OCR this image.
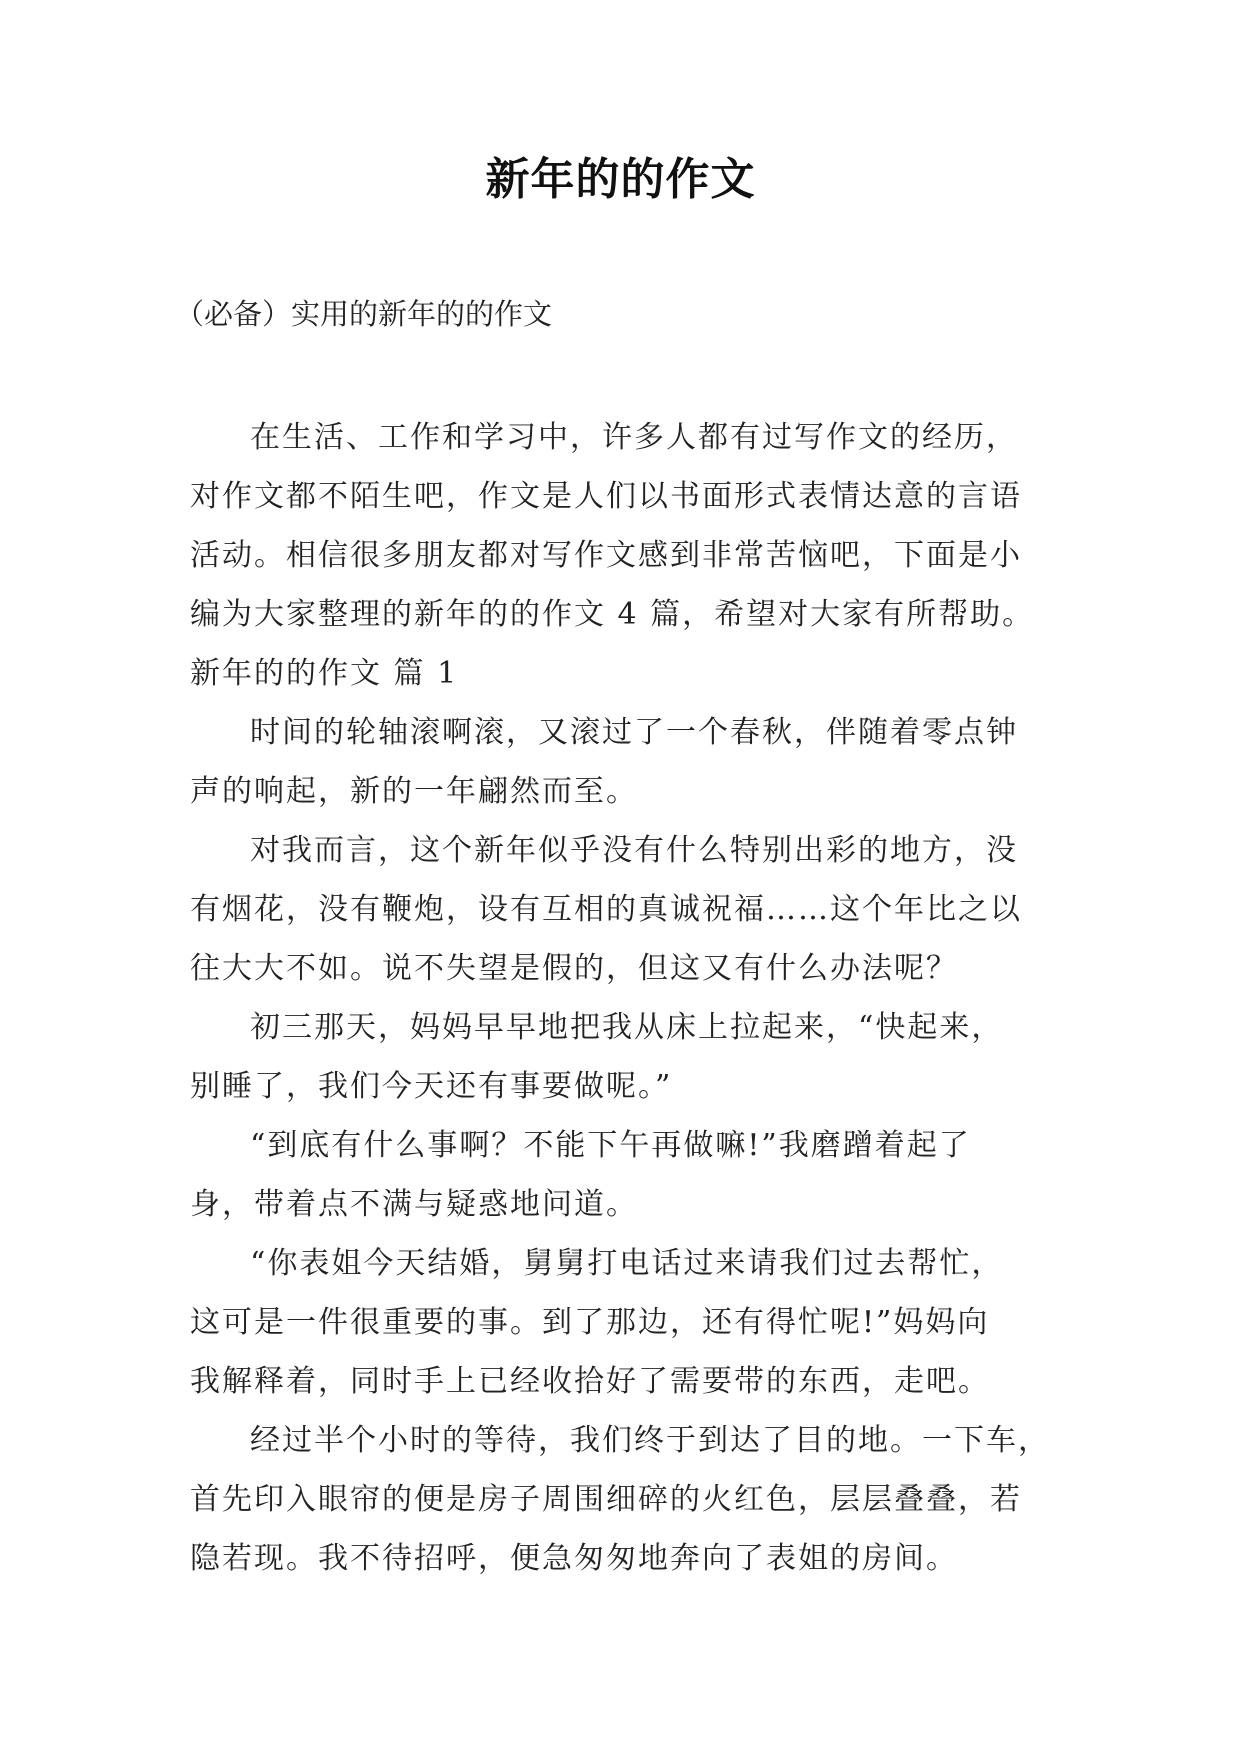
新年的的作文
（必备）实用的新年的的作文

在生活、工作和学习中，许多人都有过写作文的经历，
对作文都不陌生吧，作文是人们以书面形式表情达意的言语
活动。相信很多朋友都对写作文感到非常苦恼吧，下面是小
编为大家整理的新年的的作文 4 篇，希望对大家有所帮助。

新年的的作文 篇 1

时间的轮轴滚啊滚，又滚过了一个春秋，伴随着零点钟
声的响起，新的一年翩然而至。

对我而言，这个新年似乎没有什么特别出彩的地方，没
有烟花，没有鞭炮，设有互相的真诚祝福……这个年比之以
往大大不如。说不失望是假的，但这又有什么办法呢？

初三那天，妈妈早早地把我从床上拉起来，“快起来，
别睡了，我们今天还有事要做呢。”

“到底有什么事啊？不能下午再做嘛!”我磨蹭着起了
身，带着点不满与疑惑地问道。

“你表姐今天结婚，舅舅打电话过来请我们过去帮忙，
这可是一件很重要的事。到了那边，还有得忙呢!”妈妈向
我解释着，同时手上已经收拾好了需要带的东西，走吧。

经过半个小时的等待，我们终于到达了目的地。一下车，
首先印入眼帘的便是房子周围细碎的火红色，层层叠叠，若
隐若现。我不待招呼，便急匆匆地奔向了表姐的房间。
